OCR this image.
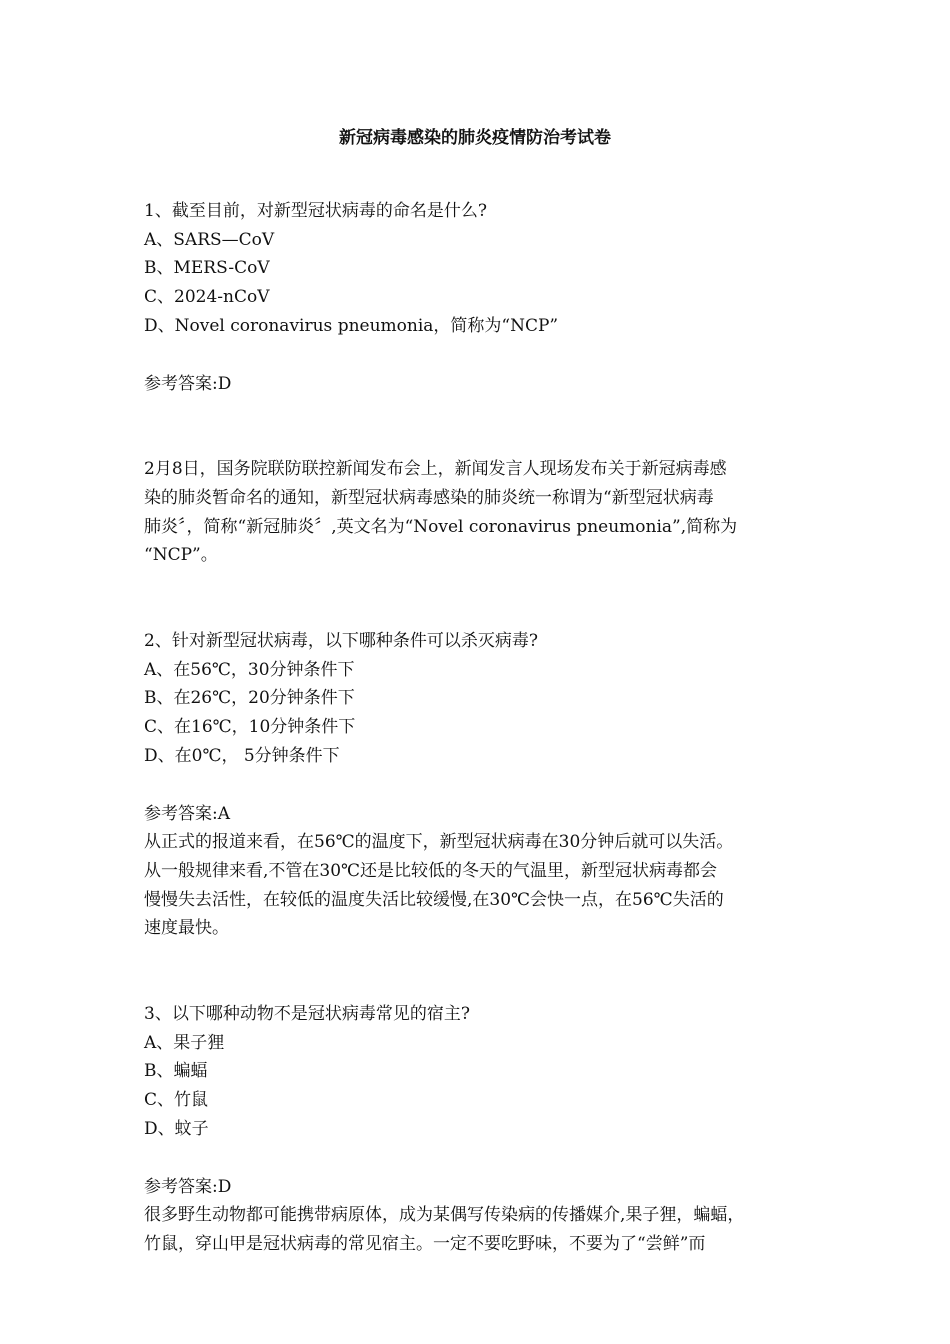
新冠病毒感染的肺炎疫情防治考试卷
1、截至目前，对新型冠状病毒的命名是什么?
A、SARS—CoV
B、MERS-CoV
C、2024-nCoV
D、Novel coronavirus pneumonia，简称为“NCP”
参考答案:D
2月8日，国务院联防联控新闻发布会上，新闻发言人现场发布关于新冠病毒感
染的肺炎暂命名的通知，新型冠状病毒感染的肺炎统一称谓为“新型冠状病毒
肺炎〞，简称“新冠肺炎〞,英文名为“Novel coronavirus pneumonia”,简称为
“NCP”。
2、针对新型冠状病毒，以下哪种条件可以杀灭病毒?
A、在56℃，30分钟条件下
B、在26℃，20分钟条件下
C、在16℃，10分钟条件下
D、在0℃， 5分钟条件下
参考答案:A
从正式的报道来看，在56℃的温度下，新型冠状病毒在30分钟后就可以失活。
从一般规律来看,不管在30℃还是比较低的冬天的气温里，新型冠状病毒都会
慢慢失去活性，在较低的温度失活比较缓慢,在30℃会快一点，在56℃失活的
速度最快。
3、以下哪种动物不是冠状病毒常见的宿主?
A、果子狸
B、蝙蝠
C、竹鼠
D、蚊子
参考答案:D
很多野生动物都可能携带病原体，成为某偶写传染病的传播媒介,果子狸，蝙蝠，
竹鼠，穿山甲是冠状病毒的常见宿主。一定不要吃野味，不要为了“尝鲜”而
